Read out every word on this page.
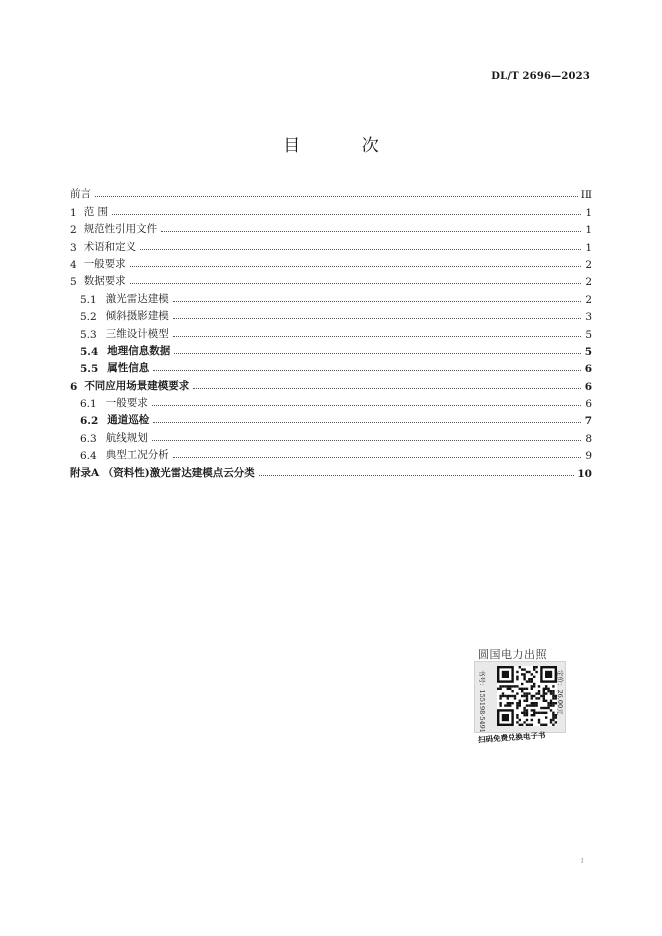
DL/T 2696—2023
目 次
前言	ⅠⅡ
1 范 围	1
2 规范性引用文件	1
3 术语和定义	1
4 一般要求	2
5 数据要求	2
5.1 激光雷达建模	2
5.2 倾斜摄影建模	3
5.3 三维设计模型	5
5.4 地理信息数据	5
5.5 属性信息	6
6 不同应用场景建模要求	6
6.1 一般要求	6
6.2 通道巡检	7
6.3 航线规划	8
6.4 典型工况分析	9
附录A （资料性)激光雷达建模点云分类	10
圆国电力出照
书号：155198·5491	定价：26.00元
扫码免费兑换电子书
I
